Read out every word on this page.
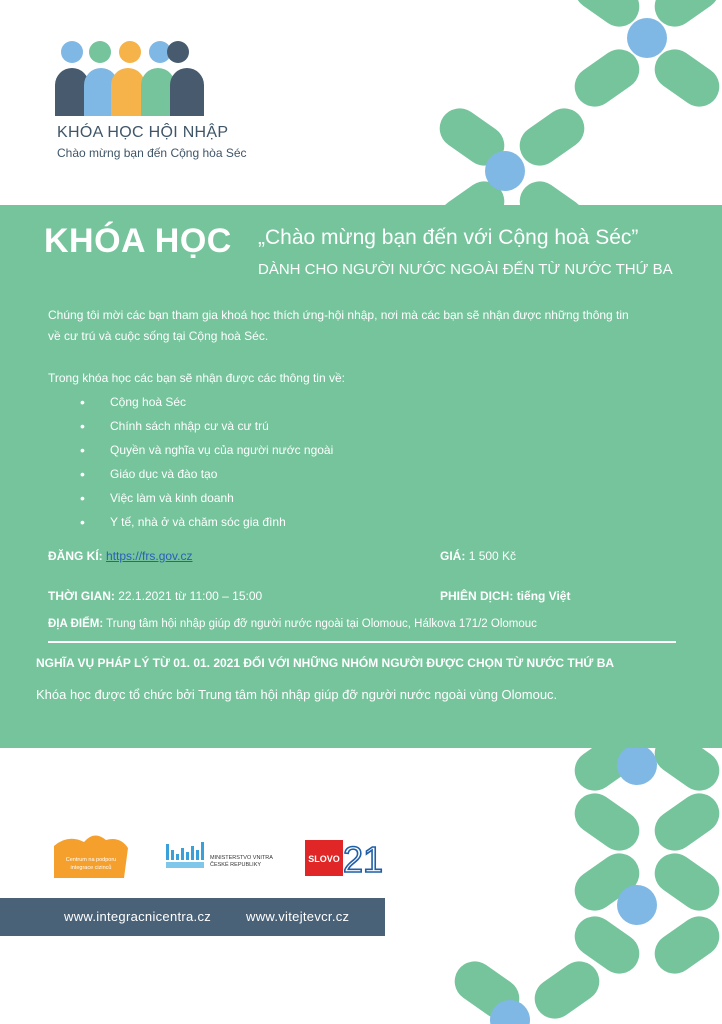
KHÓA HỌC HỘI NHẬP
Chào mừng bạn đến Cộng hòa Séc
KHÓA HỌC „Chào mừng bạn đến với Cộng hoà Séc”
DÀNH CHO NGƯỜI NƯỚC NGOÀI ĐẾN TỪ NƯỚC THỨ BA
Chúng tôi mời các bạn tham gia khoá học thích ứng-hội nhập, nơi mà các bạn sẽ nhận được những thông tin
về cư trú và cuộc sống tại Cộng hoà Séc.
Trong khóa học các bạn sẽ nhận được các thông tin về:
• Cộng hoà Séc
• Chính sách nhập cư và cư trú
• Quyền và nghĩa vụ của người nước ngoài
• Giáo dục và đào tạo
• Việc làm và kinh doanh
• Y tế, nhà ở và chăm sóc gia đình
ĐĂNG KÍ: https://frs.gov.cz	GIÁ: 1 500 Kč
THỜI GIAN: 22.1.2021 từ 11:00 – 15:00	PHIÊN DỊCH: tiếng Việt
ĐỊA ĐIỂM: Trung tâm hội nhập giúp đỡ người nước ngoài tại Olomouc, Hálkova 171/2 Olomouc
NGHĨA VỤ PHÁP LÝ TỪ 01. 01. 2021 ĐỐI VỚI NHỮNG NHÓM NGƯỜI ĐƯỢC CHỌN TỪ NƯỚC THỨ BA
Khóa học được tổ chức bởi Trung tâm hội nhập giúp đỡ người nước ngoài vùng Olomouc.
Centrum na podporu
integrace cizinců
MINISTERSTVO VNITRA
ČESKÉ REPUBLIKY
SLOVO 21
www.integracnicentra.cz	www.vitejtevcr.cz
